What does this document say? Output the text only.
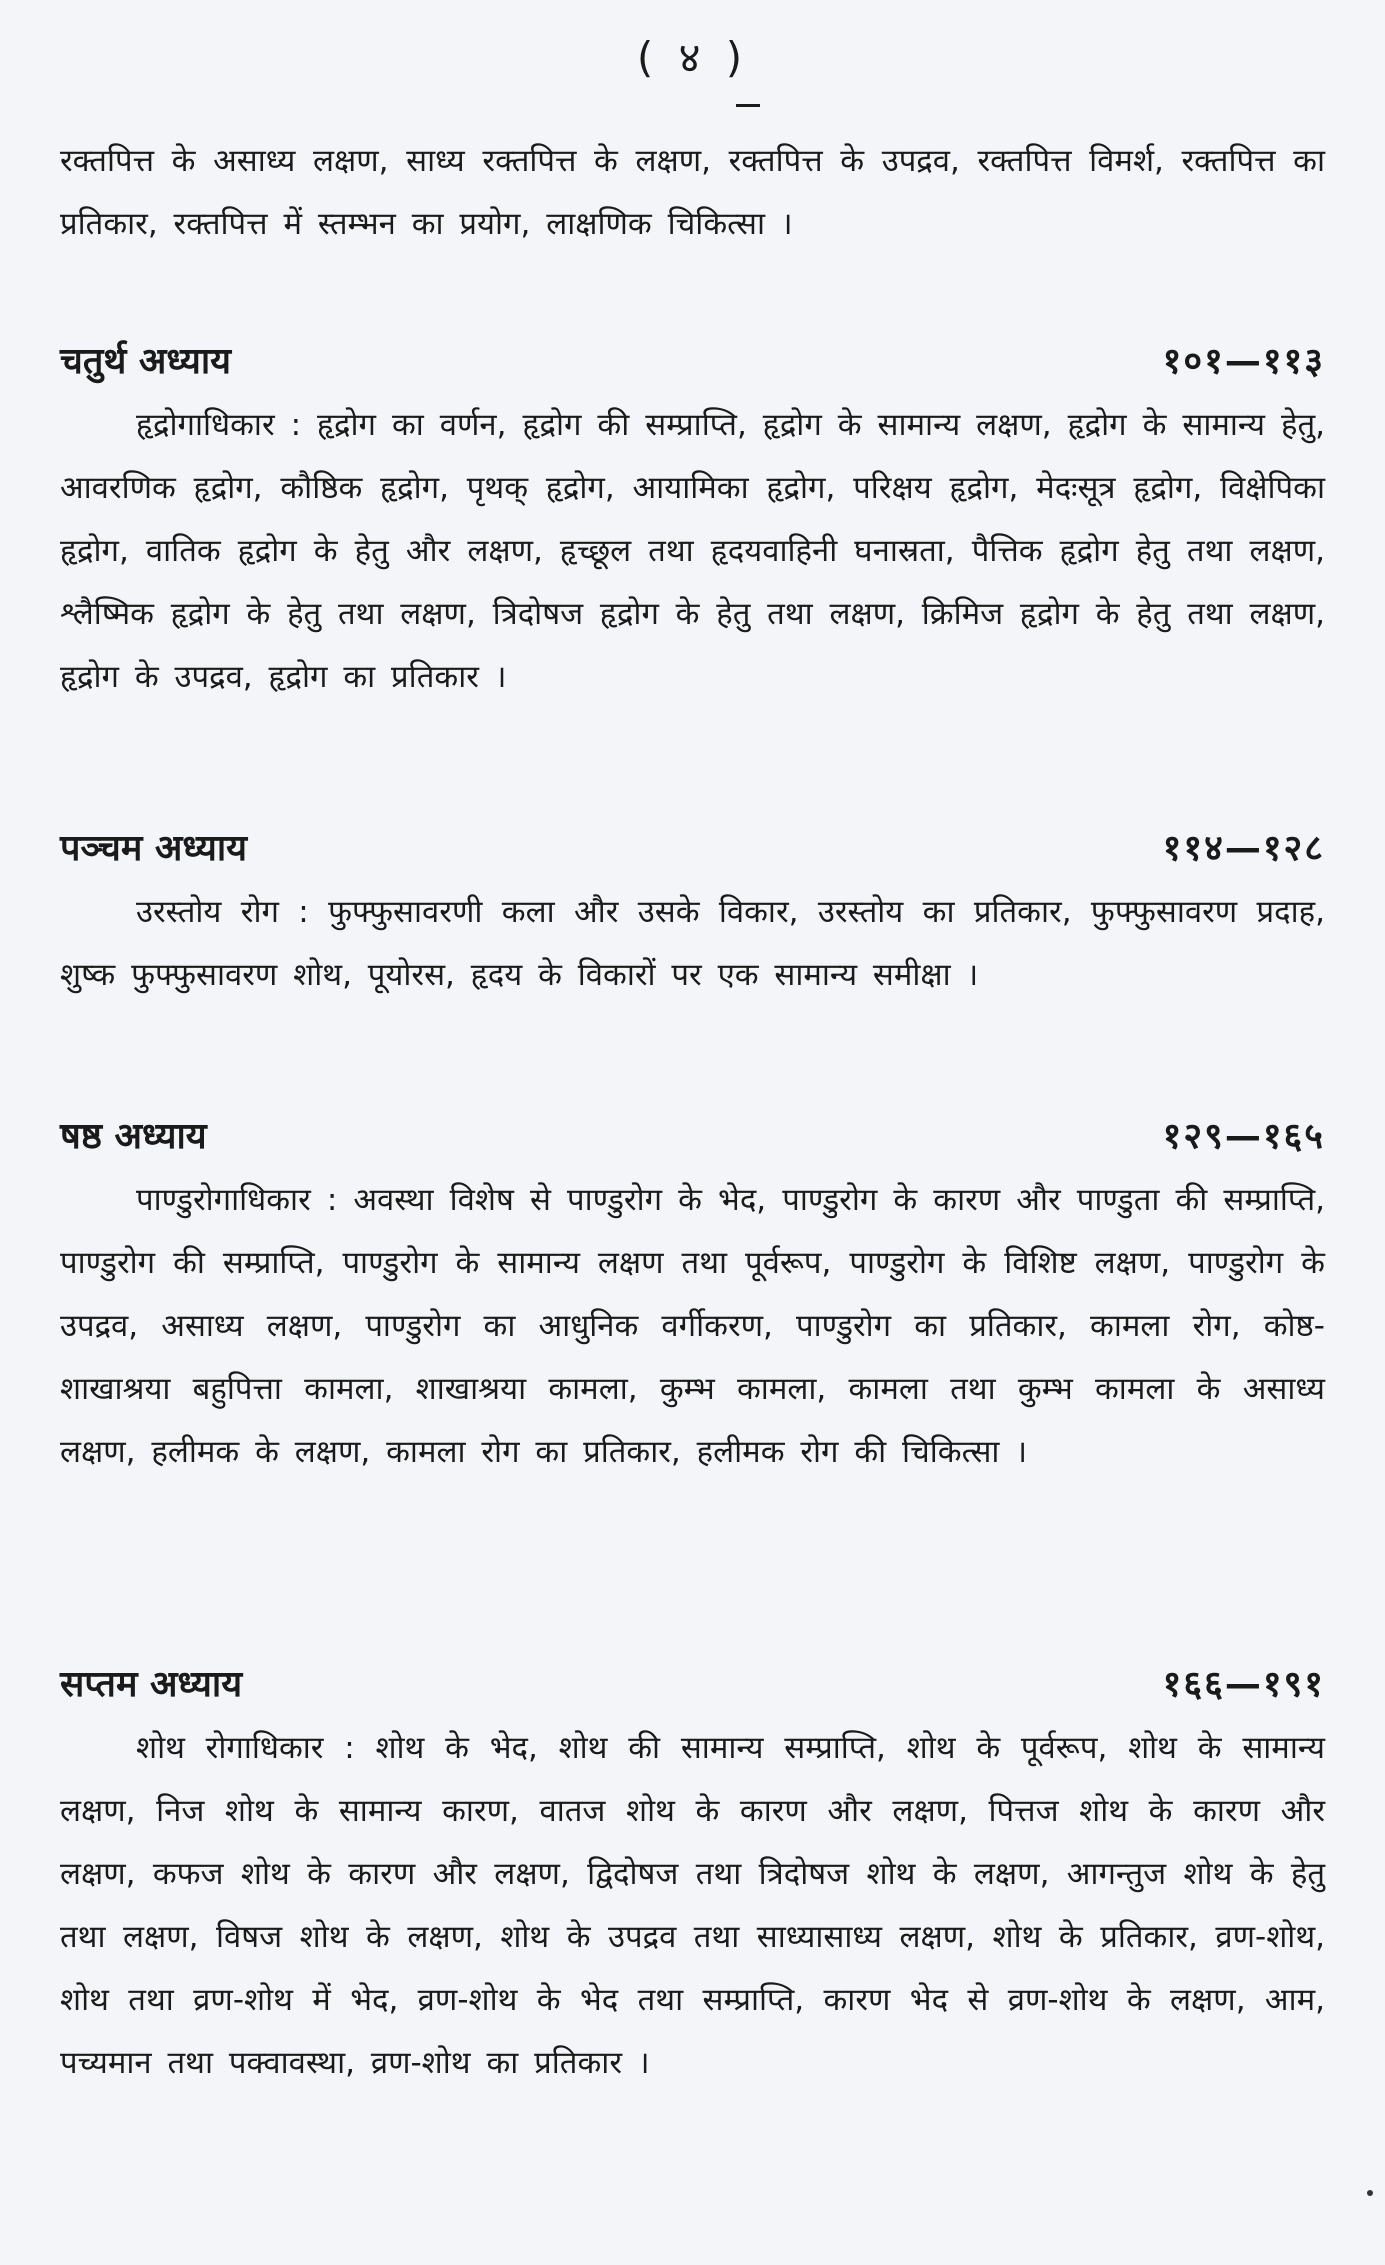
( ४ )

रक्तपित्त के असाध्य लक्षण, साध्य रक्तपित्त के लक्षण, रक्तपित्त के उपद्रव, रक्तपित्त विमर्श, रक्तपित्त का प्रतिकार, रक्तपित्त में स्तम्भन का प्रयोग, लाक्षणिक चिकित्सा ।

चतुर्थ अध्याय	१०१—११३

हृद्रोगाधिकार : हृद्रोग का वर्णन, हृद्रोग की सम्प्राप्ति, हृद्रोग के सामान्य लक्षण, हृद्रोग के सामान्य हेतु, आवरणिक हृद्रोग, कौष्ठिक हृद्रोग, पृथक् हृद्रोग, आयामिका हृद्रोग, परिक्षय हृद्रोग, मेदःसूत्र हृद्रोग, विक्षेपिका हृद्रोग, वातिक हृद्रोग के हेतु और लक्षण, हृच्छूल तथा हृदयवाहिनी घनास्रता, पैत्तिक हृद्रोग हेतु तथा लक्षण, श्लैष्मिक हृद्रोग के हेतु तथा लक्षण, त्रिदोषज हृद्रोग के हेतु तथा लक्षण, क्रिमिज हृद्रोग के हेतु तथा लक्षण, हृद्रोग के उपद्रव, हृद्रोग का प्रतिकार ।

पञ्चम अध्याय	११४—१२८

उरस्तोय रोग : फुफ्फुसावरणी कला और उसके विकार, उरस्तोय का प्रतिकार, फुफ्फुसावरण प्रदाह, शुष्क फुफ्फुसावरण शोथ, पूयोरस, हृदय के विकारों पर एक सामान्य समीक्षा ।

षष्ठ अध्याय	१२९—१६५

पाण्डुरोगाधिकार : अवस्था विशेष से पाण्डुरोग के भेद, पाण्डुरोग के कारण और पाण्डुता की सम्प्राप्ति, पाण्डुरोग की सम्प्राप्ति, पाण्डुरोग के सामान्य लक्षण तथा पूर्वरूप, पाण्डुरोग के विशिष्ट लक्षण, पाण्डुरोग के उपद्रव, असाध्य लक्षण, पाण्डुरोग का आधुनिक वर्गीकरण, पाण्डुरोग का प्रतिकार, कामला रोग, कोष्ठ-शाखाश्रया बहुपित्ता कामला, शाखाश्रया कामला, कुम्भ कामला, कामला तथा कुम्भ कामला के असाध्य लक्षण, हलीमक के लक्षण, कामला रोग का प्रतिकार, हलीमक रोग की चिकित्सा ।

सप्तम अध्याय	१६६—१९१

शोथ रोगाधिकार : शोथ के भेद, शोथ की सामान्य सम्प्राप्ति, शोथ के पूर्वरूप, शोथ के सामान्य लक्षण, निज शोथ के सामान्य कारण, वातज शोथ के कारण और लक्षण, पित्तज शोथ के कारण और लक्षण, कफज शोथ के कारण और लक्षण, द्विदोषज तथा त्रिदोषज शोथ के लक्षण, आगन्तुज शोथ के हेतु तथा लक्षण, विषज शोथ के लक्षण, शोथ के उपद्रव तथा साध्यासाध्य लक्षण, शोथ के प्रतिकार, व्रण-शोथ, शोथ तथा व्रण-शोथ में भेद, व्रण-शोथ के भेद तथा सम्प्राप्ति, कारण भेद से व्रण-शोथ के लक्षण, आम, पच्यमान तथा पक्वावस्था, व्रण-शोथ का प्रतिकार ।
